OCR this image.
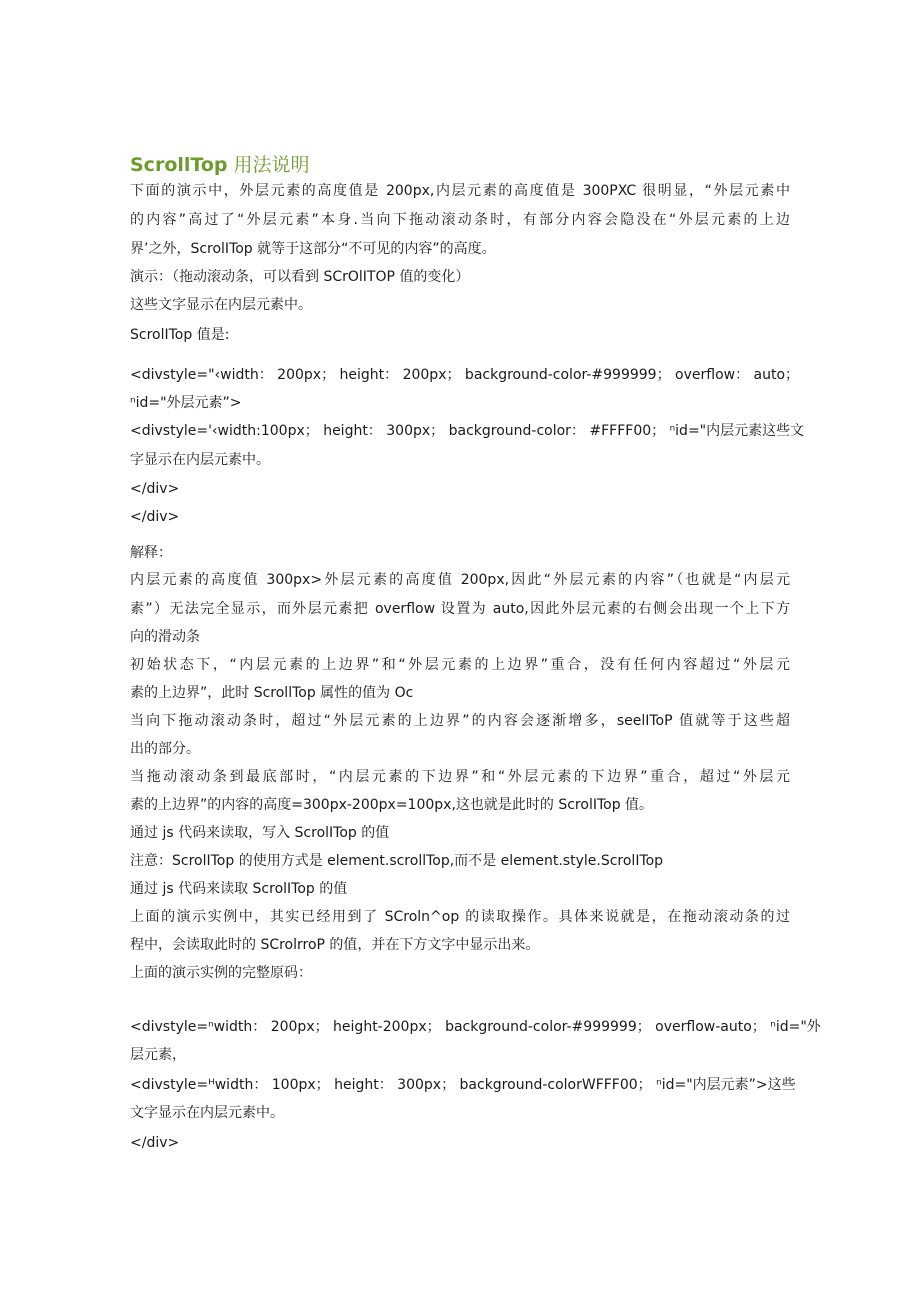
ScrollTop 用法说明
下面的演示中，外层元素的高度值是 200px,内层元素的高度值是 300PXC 很明显，“外层元素中
的内容”高过了“外层元素”本身.当向下拖动滚动条时，有部分内容会隐没在“外层元素的上边
界’之外，ScrolITop 就等于这部分“不可见的内容”的高度。
演示：（拖动滚动条，可以看到 SCrOlITOP 值的变化）
这些文字显示在内层元素中。
ScrolITop 值是:
<divstyle="‹width： 200px； height： 200px； background-color-#999999； overflow： auto；
ⁿid="外层元素”>
<divstyle='‹width:100px； height： 300px； background-color： #FFFF00； ⁿid="内层元素这些文
字显示在内层元素中。
</div>
</div>
解释：
内层元素的高度值 300px>外层元素的高度值 200px,因此“外层元素的内容”（也就是“内层元
素”）无法完全显示，而外层元素把 overflow 设置为 auto,因此外层元素的右侧会出现一个上下方
向的滑动条
初始状态下，“内层元素的上边界”和“外层元素的上边界”重合，没有任何内容超过“外层元
素的上边界”，此时 ScrollTop 属性的值为 Oc
当向下拖动滚动条时，超过“外层元素的上边界”的内容会逐渐增多，seelIToP 值就等于这些超
出的部分。
当拖动滚动条到最底部时，“内层元素的下边界”和“外层元素的下边界”重合，超过“外层元
素的上边界”的内容的高度=300px-200px=100px,这也就是此时的 ScrolITop 值。
通过 js 代码来读取，写入 ScrolITop 的值
注意：ScrolITop 的使用方式是 element.scrollTop,而不是 element.style.ScrolITop
通过 js 代码来读取 ScrolITop 的值
上面的演示实例中，其实已经用到了 SCroln^op 的读取操作。具体来说就是，在拖动滚动条的过
程中，会读取此时的 SCrolrroP 的值，并在下方文字中显示出来。
上面的演示实例的完整原码：
<divstyle=ⁿwidth： 200px； height-200px； background-color-#999999； overflow-auto； ⁿid="外
层元素，
<divstyle=ᴴwidth： 100px； height： 300px； background-colorWFFF00； ⁿid="内层元素”>这些
文字显示在内层元素中。
</div>
